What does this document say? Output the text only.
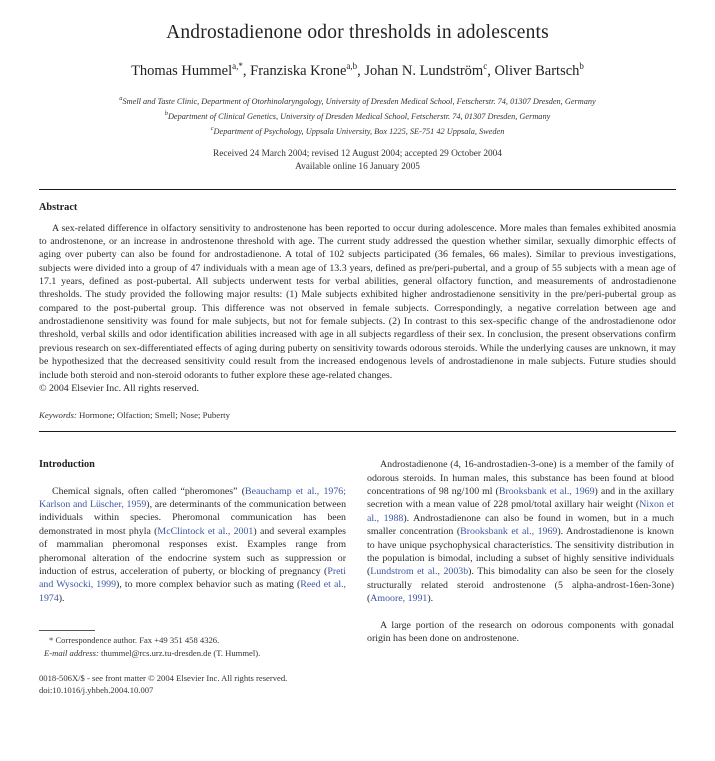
Androstadienone odor thresholds in adolescents
Thomas Hummel$^{a,*}$, Franziska Krone$^{a,b}$, Johan N. Lundström$^c$, Oliver Bartsch$^b$
$^a$Smell and Taste Clinic, Department of Otorhinolaryngology, University of Dresden Medical School, Fetscherstr. 74, 01307 Dresden, Germany
$^b$Department of Clinical Genetics, University of Dresden Medical School, Fetscherstr. 74, 01307 Dresden, Germany
$^c$Department of Psychology, Uppsala University, Box 1225, SE-751 42 Uppsala, Sweden
Received 24 March 2004; revised 12 August 2004; accepted 29 October 2004
Available online 16 January 2005
Abstract

A sex-related difference in olfactory sensitivity to androstenone has been reported to occur during adolescence. More males than females exhibited anosmia to androstenone, or an increase in androstenone threshold with age. The current study addressed the question whether similar, sexually dimorphic effects of aging over puberty can also be found for androstadienone. A total of 102 subjects participated (36 females, 66 males). Similar to previous investigations, subjects were divided into a group of 47 individuals with a mean age of 13.3 years, defined as pre/peri-pubertal, and a group of 55 subjects with a mean age of 17.1 years, defined as post-pubertal. All subjects underwent tests for verbal abilities, general olfactory function, and measurements of androstadienone thresholds. The study provided the following major results: (1) Male subjects exhibited higher androstadienone sensitivity in the pre/peri-pubertal group as compared to the post-pubertal group. This difference was not observed in female subjects. Correspondingly, a negative correlation between age and androstadienone sensitivity was found for male subjects, but not for female subjects. (2) In contrast to this sex-specific change of the androstadienone odor threshold, verbal skills and odor identification abilities increased with age in all subjects regardless of their sex. In conclusion, the present observations confirm previous research on sex-differentiated effects of aging during puberty on sensitivity towards odorous steroids. While the underlying causes are unknown, it may be hypothesized that the decreased sensitivity could result from the increased endogenous levels of androstadienone in male subjects. Future studies should include both steroid and non-steroid odorants to futher explore these age-related changes.

© 2004 Elsevier Inc. All rights reserved.
Keywords: Hormone; Olfaction; Smell; Nose; Puberty
Introduction

Chemical signals, often called “pheromones” (Beauchamp et al., 1976; Karlson and Lüscher, 1959), are determinants of the communication between individuals within species. Pheromonal communication has been demonstrated in most phyla (McClintock et al., 2001) and several examples of mammalian pheromonal responses exist. Examples range from pheromonal alteration of the endocrine system such as suppression or induction of estrus, acceleration of puberty, or blocking of pregnancy (Preti and Wysocki, 1999), to more complex behavior such as mating (Reed et al., 1974).

* Correspondence author. Fax +49 351 458 4326.
E-mail address: thummel@rcs.urz.tu-dresden.de (T. Hummel).
0018-506X/$ - see front matter © 2004 Elsevier Inc. All rights reserved.
doi:10.1016/j.yhbeh.2004.10.007

Androstadienone (4, 16-androstadien-3-one) is a member of the family of odorous steroids. In human males, this substance has been found at blood concentrations of 98 ng/100 ml (Brooksbank et al., 1969) and in the axillary secretion with a mean value of 228 pmol/total axillary hair weight (Nixon et al., 1988). Androstadienone can also be found in women, but in a much smaller concentration (Brooksbank et al., 1969). Androstadienone is known to have unique psychophysical characteristics. The sensitivity distribution in the population is bimodal, including a subset of highly sensitive individuals (Lundstrom et al., 2003b). This bimodality can also be seen for the closely structurally related steroid androstenone (5 alpha-androst-16en-3one) (Amoore, 1991).

A large portion of the research on odorous components with gonadal origin has been done on androstenone.
